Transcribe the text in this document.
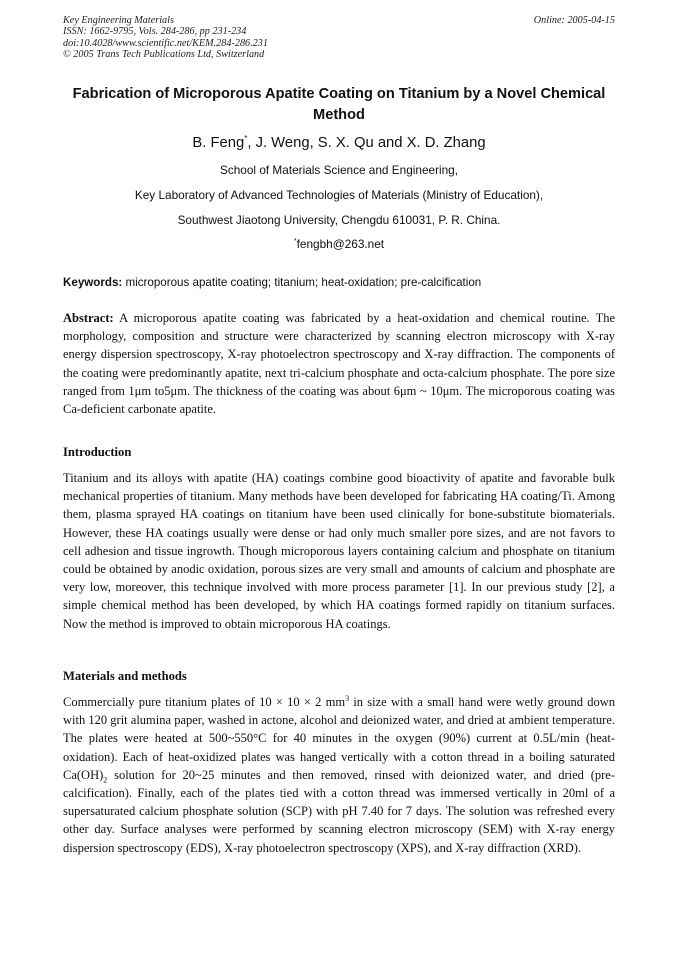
Key Engineering Materials
ISSN: 1662-9795, Vols. 284-286, pp 231-234
doi:10.4028/www.scientific.net/KEM.284-286.231
© 2005 Trans Tech Publications Ltd, Switzerland
Online: 2005-04-15
Fabrication of Microporous Apatite Coating on Titanium by a Novel Chemical Method
B. Feng*, J. Weng, S. X. Qu and X. D. Zhang
School of Materials Science and Engineering,
Key Laboratory of Advanced Technologies of Materials (Ministry of Education),
Southwest Jiaotong University, Chengdu 610031, P. R. China.
*fengbh@263.net
Keywords: microporous apatite coating; titanium; heat-oxidation; pre-calcification
Abstract: A microporous apatite coating was fabricated by a heat-oxidation and chemical routine. The morphology, composition and structure were characterized by scanning electron microscopy with X-ray energy dispersion spectroscopy, X-ray photoelectron spectroscopy and X-ray diffraction. The components of the coating were predominantly apatite, next tri-calcium phosphate and octa-calcium phosphate. The pore size ranged from 1μm to5μm. The thickness of the coating was about 6μm ~ 10μm. The microporous coating was Ca-deficient carbonate apatite.
Introduction
Titanium and its alloys with apatite (HA) coatings combine good bioactivity of apatite and favorable bulk mechanical properties of titanium. Many methods have been developed for fabricating HA coating/Ti. Among them, plasma sprayed HA coatings on titanium have been used clinically for bone-substitute biomaterials. However, these HA coatings usually were dense or had only much smaller pore sizes, and are not favors to cell adhesion and tissue ingrowth. Though microporous layers containing calcium and phosphate on titanium could be obtained by anodic oxidation, porous sizes are very small and amounts of calcium and phosphate are very low, moreover, this technique involved with more process parameter [1]. In our previous study [2], a simple chemical method has been developed, by which HA coatings formed rapidly on titanium surfaces. Now the method is improved to obtain microporous HA coatings.
Materials and methods
Commercially pure titanium plates of 10 × 10 × 2 $mm^3$ in size with a small hand were wetly ground down with 120 grit alumina paper, washed in actone, alcohol and deionized water, and dried at ambient temperature. The plates were heated at 500~550°C for 40 minutes in the oxygen (90%) current at 0.5L/min (heat-oxidation). Each of heat-oxidized plates was hanged vertically with a cotton thread in a boiling saturated $Ca(OH)_2$ solution for 20~25 minutes and then removed, rinsed with deionized water, and dried (pre-calcification). Finally, each of the plates tied with a cotton thread was immersed vertically in 20ml of a supersaturated calcium phosphate solution (SCP) with pH 7.40 for 7 days. The solution was refreshed every other day. Surface analyses were performed by scanning electron microscopy (SEM) with X-ray energy dispersion spectroscopy (EDS), X-ray photoelectron spectroscopy (XPS), and X-ray diffraction (XRD).
